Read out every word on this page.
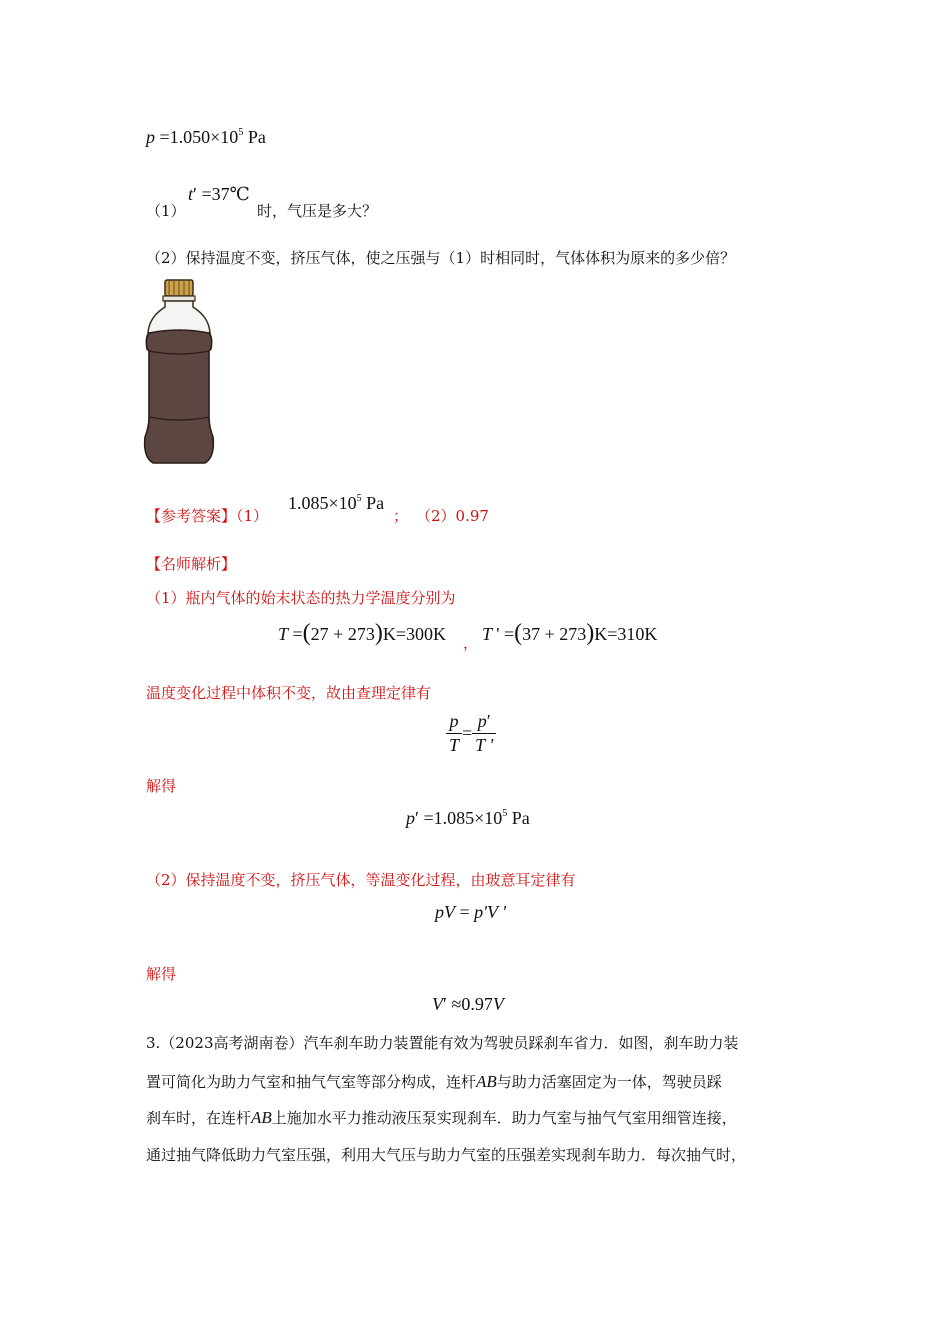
$p =1.050\times 10^5$ Pa
（1）
t′ =37℃
时，气压是多大？
（2）保持温度不变，挤压气体，使之压强与（1）时相同时，气体体积为原来的多少倍？
【参考答案】（1）
$1.085\times 10^5$ Pa
； （2）0.97
【名师解析】
（1）瓶内气体的始末状态的热力学温度分别为
T =(27 + 273)K=300K ， T ' =(37 + 273)K=310K
温度变化过程中体积不变，故由查理定律有
$\frac{p}{T} = \frac{p'}{T '}$
解得
$p' =1.085\times 10^5$ Pa
（2）保持温度不变，挤压气体，等温变化过程，由玻意耳定律有
pV = p'V '
解得
V′ ≈0.97V
3.（2023高考湖南卷）汽车刹车助力装置能有效为驾驶员踩刹车省力．如图，刹车助力装
置可简化为助力气室和抽气气室等部分构成，连杆AB与助力活塞固定为一体，驾驶员踩
刹车时，在连杆AB上施加水平力推动液压泵实现刹车．助力气室与抽气气室用细管连接，
通过抽气降低助力气室压强，利用大气压与助力气室的压强差实现刹车助力．每次抽气时，
